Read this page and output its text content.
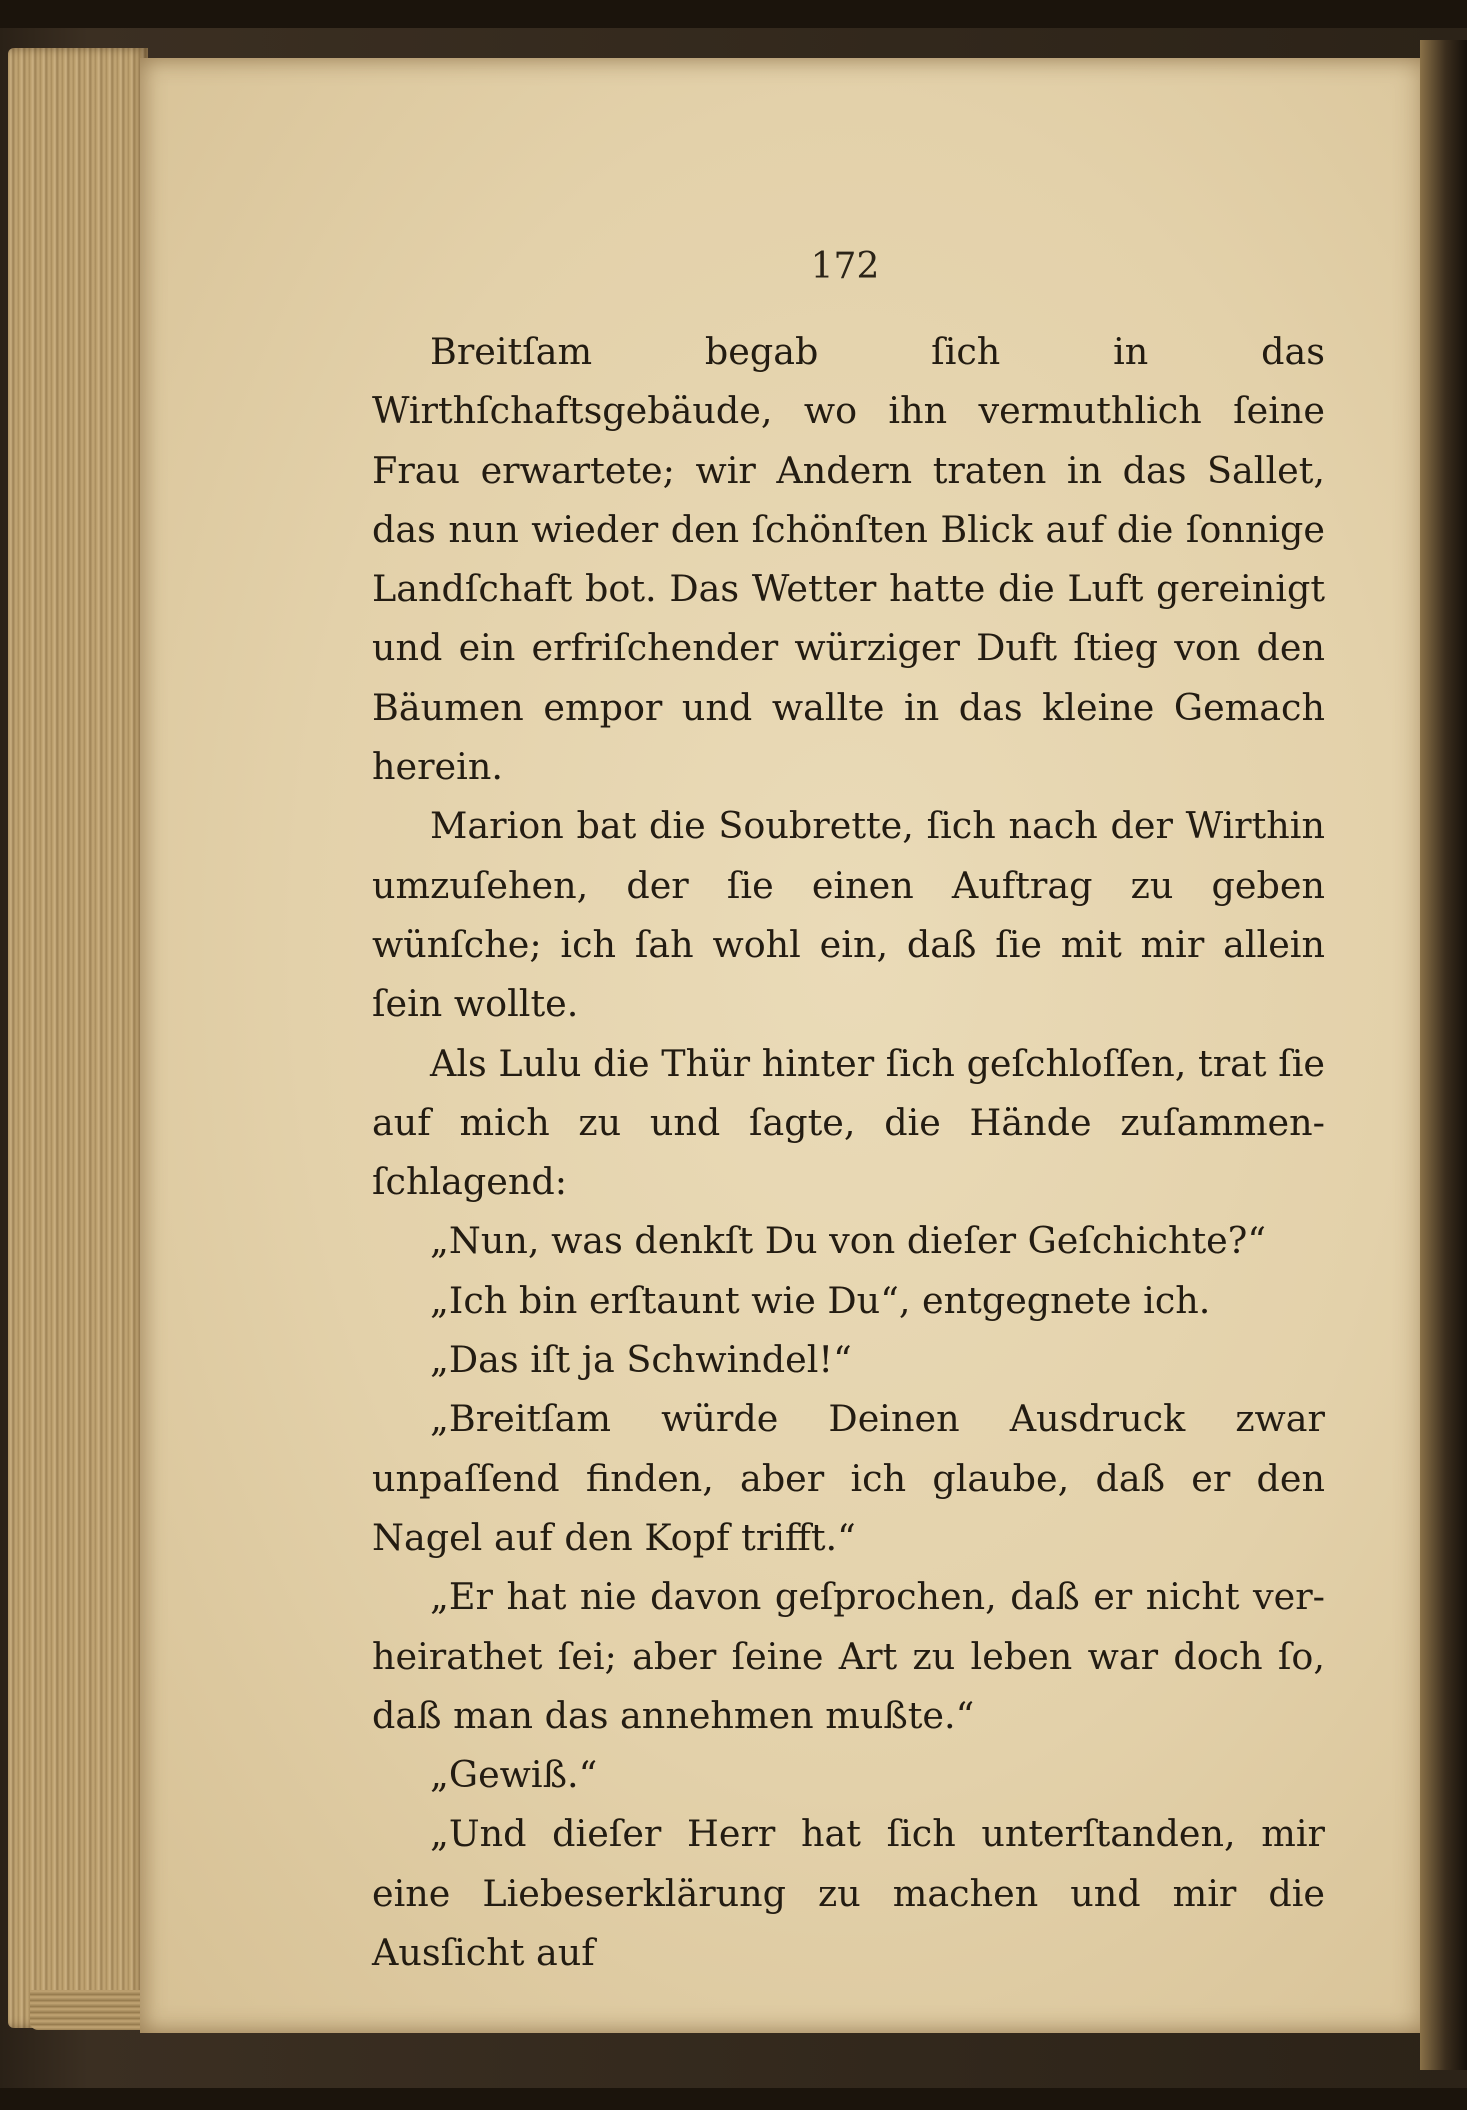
172

Breitſam begab ſich in das Wirthſchaftsgebäude, wo ihn vermuthlich ſeine Frau erwartete; wir Andern traten in das Sallet, das nun wieder den ſchönſten Blick auf die ſonnige Landſchaft bot. Das Wetter hatte die Luft gereinigt und ein erfriſchender würziger Duft ſtieg von den Bäumen empor und wallte in das kleine Gemach herein.

Marion bat die Soubrette, ſich nach der Wirthin umzuſehen, der ſie einen Auftrag zu geben wünſche; ich ſah wohl ein, daß ſie mit mir allein ſein wollte.

Als Lulu die Thür hinter ſich geſchloſſen, trat ſie auf mich zu und ſagte, die Hände zuſammen-ſchlagend:

„Nun, was denkſt Du von dieſer Geſchichte?“

„Ich bin erſtaunt wie Du“, entgegnete ich.

„Das iſt ja Schwindel!“

„Breitſam würde Deinen Ausdruck zwar unpaſſend finden, aber ich glaube, daß er den Nagel auf den Kopf trifft.“

„Er hat nie davon geſprochen, daß er nicht ver-heirathet ſei; aber ſeine Art zu leben war doch ſo, daß man das annehmen mußte.“

„Gewiß.“

„Und dieſer Herr hat ſich unterſtanden, mir eine Liebeserklärung zu machen und mir die Ausſicht auf
